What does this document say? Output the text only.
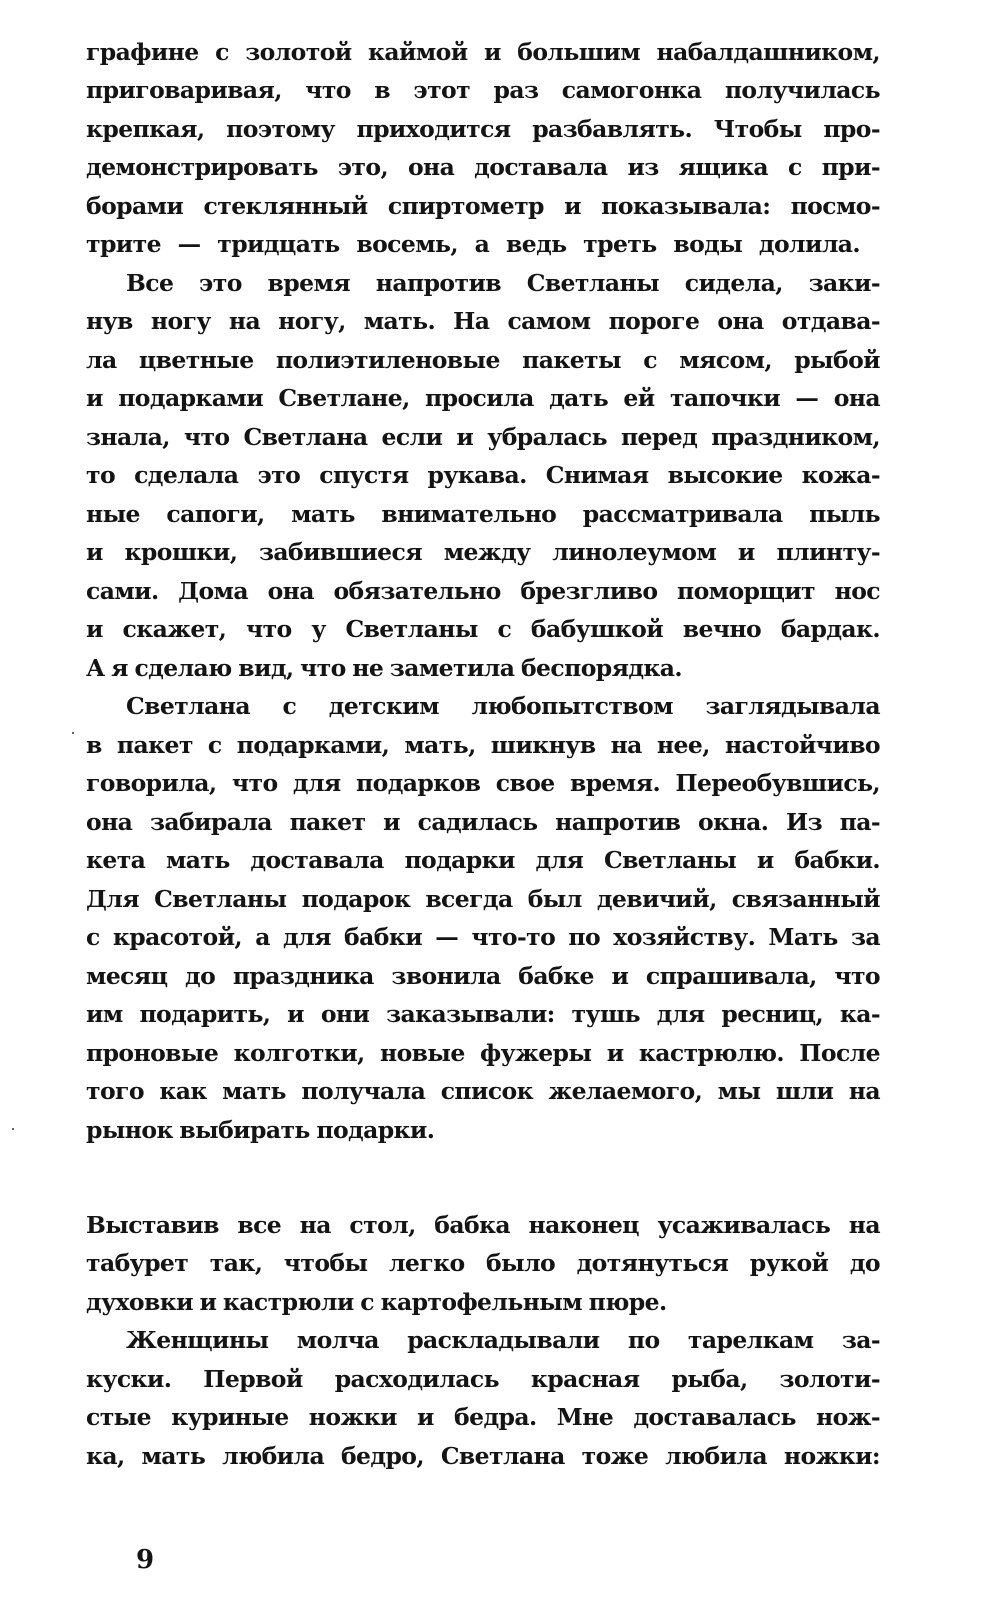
графине с золотой каймой и большим набалдашником,
приговаривая, что в этот раз самогонка получилась
крепкая, поэтому приходится разбавлять. Чтобы про-
демонстрировать это, она доставала из ящика с при-
борами стеклянный спиртометр и показывала: посмо-
трите — тридцать восемь, а ведь треть воды долила.
Все это время напротив Светланы сидела, заки-
нув ногу на ногу, мать. На самом пороге она отдава-
ла цветные полиэтиленовые пакеты с мясом, рыбой
и подарками Светлане, просила дать ей тапочки — она
знала, что Светлана если и убралась перед праздником,
то сделала это спустя рукава. Снимая высокие кожа-
ные сапоги, мать внимательно рассматривала пыль
и крошки, забившиеся между линолеумом и плинту-
сами. Дома она обязательно брезгливо поморщит нос
и скажет, что у Светланы с бабушкой вечно бардак.
А я сделаю вид, что не заметила беспорядка.
Светлана с детским любопытством заглядывала
в пакет с подарками, мать, шикнув на нее, настойчиво
говорила, что для подарков свое время. Переобувшись,
она забирала пакет и садилась напротив окна. Из па-
кета мать доставала подарки для Светланы и бабки.
Для Светланы подарок всегда был девичий, связанный
с красотой, а для бабки — что-то по хозяйству. Мать за
месяц до праздника звонила бабке и спрашивала, что
им подарить, и они заказывали: тушь для ресниц, ка-
проновые колготки, новые фужеры и кастрюлю. После
того как мать получала список желаемого, мы шли на
рынок выбирать подарки.
Выставив все на стол, бабка наконец усаживалась на
табурет так, чтобы легко было дотянуться рукой до
духовки и кастрюли с картофельным пюре.
Женщины молча раскладывали по тарелкам за-
куски. Первой расходилась красная рыба, золоти-
стые куриные ножки и бедра. Мне доставалась нож-
ка, мать любила бедро, Светлана тоже любила ножки:
9
